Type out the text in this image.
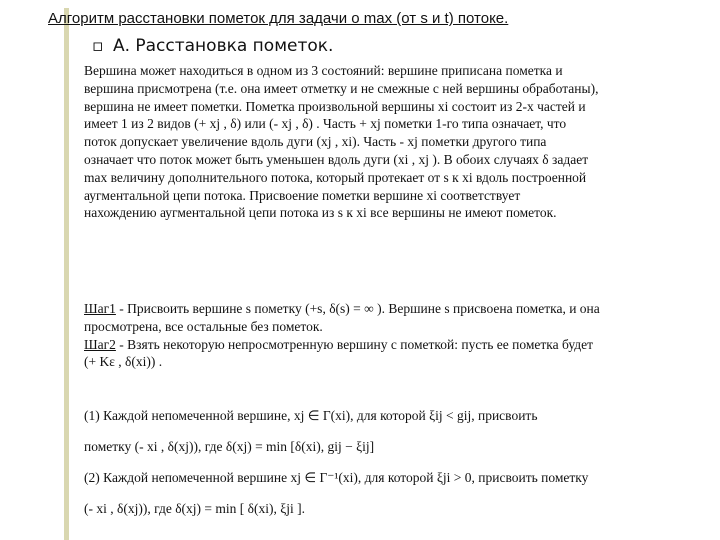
Алгоритм расстановки пометок для задачи о max (от s и t) потоке.
▫ А. Расстановка пометок.
Вершина может находиться в одном из 3 состояний: вершине приписана пометка и
вершина присмотрена (т.е. она имеет отметку и не смежные с ней вершины обработаны),
вершина не имеет пометки. Пометка произвольной вершины xi состоит из 2-х частей и
имеет 1 из 2 видов (+ xj , δ) или (- xj , δ) . Часть + xj пометки 1-го типа означает, что
поток допускает увеличение вдоль дуги (xj , xi). Часть - xj пометки другого типа
означает что поток может быть уменьшен вдоль дуги (xi , xj ). В обоих случаях δ задает
max величину дополнительного потока, который протекает от s к xi вдоль построенной
аугментальной цепи потока. Присвоение пометки вершине xi соответствует
нахождению аугментальной цепи потока из s к xi все вершины не имеют пометок.
Шаг1 - Присвоить вершине s пометку (+s, δ(s) = ∞ ). Вершине s присвоена пометка, и она
просмотрена, все остальные без пометок.
Шаг2 - Взять некоторую непросмотренную вершину с пометкой: пусть ее пометка будет
(+ Kε , δ(xi)) .
(1) Каждой непомеченной вершине, xj ∈ Γ(xi), для которой ξij < gij, присвоить
пометку (- xi , δ(xj)), где δ(xj) = min [δ(xi), gij − ξij]
(2) Каждой непомеченной вершине xj ∈ Γ⁻¹(xi), для которой ξji > 0, присвоить пометку
(- xi , δ(xj)), где δ(xj) = min [ δ(xi), ξji ].
